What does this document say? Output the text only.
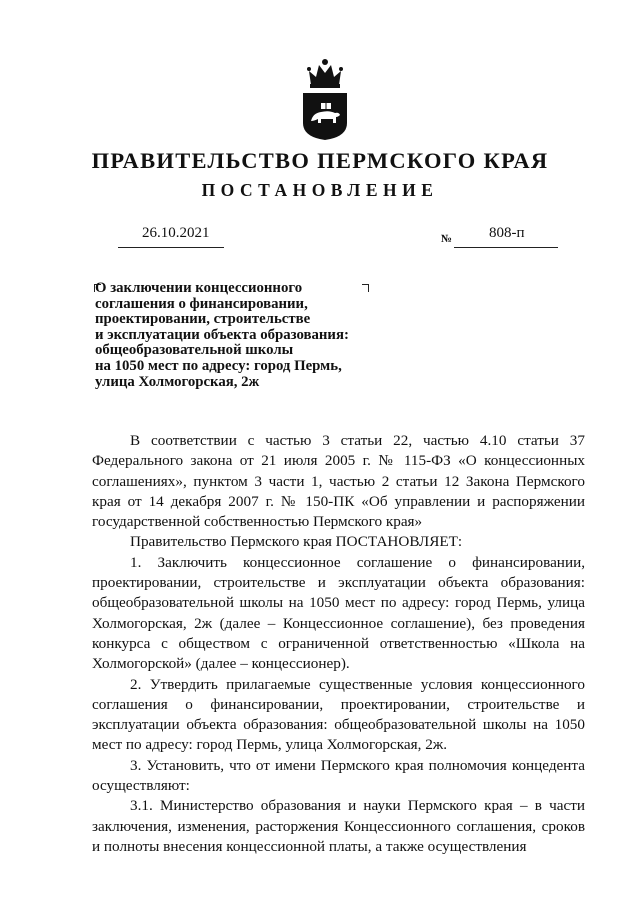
ПРАВИТЕЛЬСТВО ПЕРМСКОГО КРАЯ
ПОСТАНОВЛЕНИЕ
26.10.2021	№ 808-п
О заключении концессионного
соглашения о финансировании,
проектировании, строительстве
и эксплуатации объекта образования:
общеобразовательной школы
на 1050 мест по адресу: город Пермь,
улица Холмогорская, 2ж

В соответствии с частью 3 статьи 22, частью 4.10 статьи 37 Федерального закона от 21 июля 2005 г. № 115-ФЗ «О концессионных соглашениях», пунктом 3 части 1, частью 2 статьи 12 Закона Пермского края от 14 декабря 2007 г. № 150-ПК «Об управлении и распоряжении государственной собственностью Пермского края»

Правительство Пермского края ПОСТАНОВЛЯЕТ:

1. Заключить концессионное соглашение о финансировании, проектировании, строительстве и эксплуатации объекта образования: общеобразовательной школы на 1050 мест по адресу: город Пермь, улица Холмогорская, 2ж (далее – Концессионное соглашение), без проведения конкурса с обществом с ограниченной ответственностью «Школа на Холмогорской» (далее – концессионер).

2. Утвердить прилагаемые существенные условия концессионного соглашения о финансировании, проектировании, строительстве и эксплуатации объекта образования: общеобразовательной школы на 1050 мест по адресу: город Пермь, улица Холмогорская, 2ж.

3. Установить, что от имени Пермского края полномочия концедента осуществляют:

3.1. Министерство образования и науки Пермского края – в части заключения, изменения, расторжения Концессионного соглашения, сроков и полноты внесения концессионной платы, а также осуществления
